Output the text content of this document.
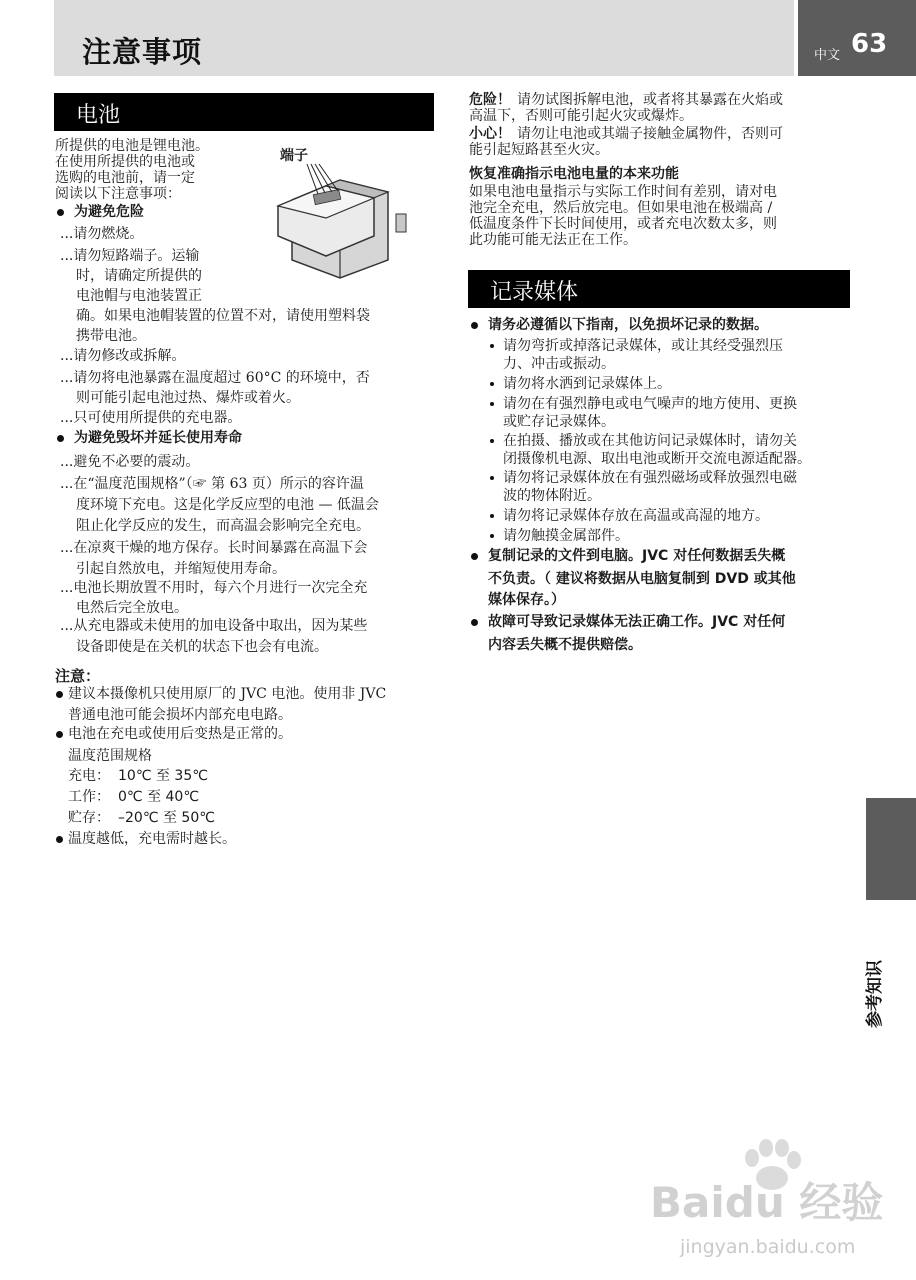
注意事项	中文 63
电池
所提供的电池是锂电池。
在使用所提供的电池或
选购的电池前，请一定
阅读以下注意事项：
端子
为避免危险
...请勿燃烧。
...请勿短路端子。运输
时，请确定所提供的
电池帽与电池装置正
确。如果电池帽装置的位置不对，请使用塑料袋
携带电池。
...请勿修改或拆解。
...请勿将电池暴露在温度超过 60°C 的环境中，否
则可能引起电池过热、爆炸或着火。
...只可使用所提供的充电器。
为避免毁坏并延长使用寿命
...避免不必要的震动。
...在“温度范围规格”（☞ 第 63 页）所示的容许温
度环境下充电。这是化学反应型的电池 — 低温会
阻止化学反应的发生，而高温会影响完全充电。
...在凉爽干燥的地方保存。长时间暴露在高温下会
引起自然放电，并缩短使用寿命。
...电池长期放置不用时，每六个月进行一次完全充
电然后完全放电。
...从充电器或未使用的加电设备中取出，因为某些
设备即使是在关机的状态下也会有电流。
注意：
建议本摄像机只使用原厂的 JVC 电池。使用非 JVC
普通电池可能会损坏内部充电电路。
电池在充电或使用后变热是正常的。
温度范围规格
充电： 10℃ 至 35℃
工作： 0℃ 至 40℃
贮存： –20℃ 至 50℃
温度越低，充电需时越长。
危险！ 请勿试图拆解电池，或者将其暴露在火焰或
高温下，否则可能引起火灾或爆炸。
小心！ 请勿让电池或其端子接触金属物件，否则可
能引起短路甚至火灾。
恢复准确指示电池电量的本来功能
如果电池电量指示与实际工作时间有差别，请对电
池完全充电，然后放完电。但如果电池在极端高 /
低温度条件下长时间使用，或者充电次数太多，则
此功能可能无法正在工作。
记录媒体
请务必遵循以下指南，以免损坏记录的数据。
请勿弯折或掉落记录媒体，或让其经受强烈压
力、冲击或振动。
请勿将水洒到记录媒体上。
请勿在有强烈静电或电气噪声的地方使用、更换
或贮存记录媒体。
在拍摄、播放或在其他访问记录媒体时，请勿关
闭摄像机电源、取出电池或断开交流电源适配器。
请勿将记录媒体放在有强烈磁场或释放强烈电磁
波的物体附近。
请勿将记录媒体存放在高温或高湿的地方。
请勿触摸金属部件。
复制记录的文件到电脑。JVC 对任何数据丢失概
不负责。（ 建议将数据从电脑复制到 DVD 或其他
媒体保存。）
故障可导致记录媒体无法正确工作。JVC 对任何
内容丢失概不提供赔偿。
参考知识
Baidu 经验
jingyan.baidu.com
